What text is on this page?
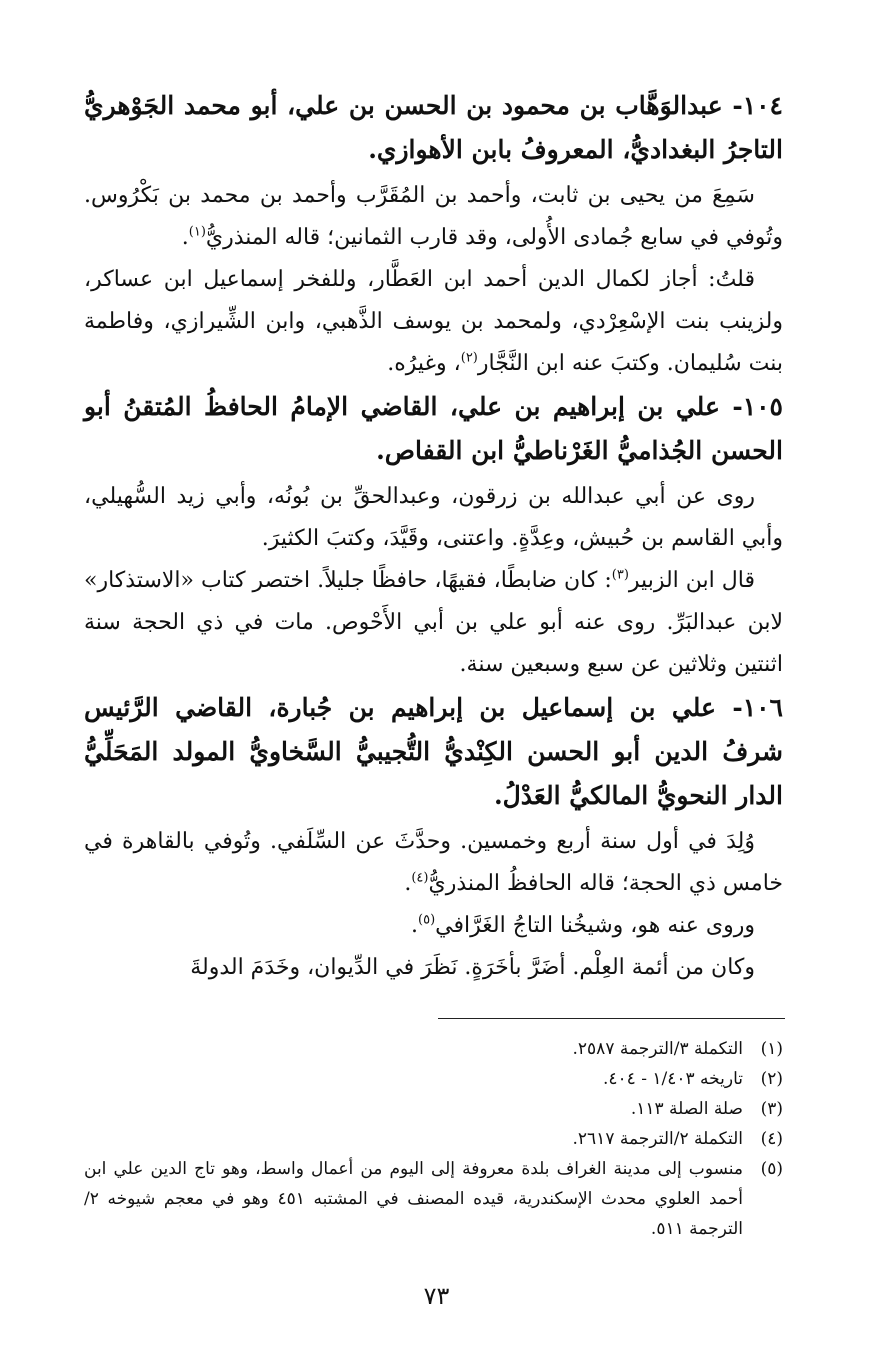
١٠٤- عبدالوَهَّاب بن محمود بن الحسن بن علي، أبو محمد الجَوْهريُّ التاجرُ البغداديُّ، المعروفُ بابن الأهوازي.

سَمِعَ من يحيى بن ثابت، وأحمد بن المُقَرَّب وأحمد بن محمد بن بَكْرُوس. وتُوفي في سابع جُمادى الأُولى، وقد قارب الثمانين؛ قاله المنذريُّ$^{(١)}$.

قلتُ: أجاز لكمال الدين أحمد ابن العَطَّار، وللفخر إسماعيل ابن عساكر، ولزينب بنت الإسْعِرْدي، ولمحمد بن يوسف الذَّهبي، وابن الشِّيرازي، وفاطمة بنت سُليمان. وكتبَ عنه ابن النَّجَّار$^{(٢)}$، وغيرُه.

١٠٥- علي بن إبراهيم بن علي، القاضي الإمامُ الحافظُ المُتقنُ أبو الحسن الجُذاميُّ الغَرْناطيُّ ابن القفاص.

روى عن أبي عبدالله بن زرقون، وعبدالحقِّ بن بُونُه، وأبي زيد السُّهيلي، وأبي القاسم بن حُبيش، وعِدَّةٍ. واعتنى، وقَيَّدَ، وكتبَ الكثيرَ.

قال ابن الزبير$^{(٣)}$: كان ضابطًا، فقيهًا، حافظًا جليلاً. اختصر كتاب «الاستذكار» لابن عبدالبَرِّ. روى عنه أبو علي بن أبي الأَحْوص. مات في ذي الحجة سنة اثنتين وثلاثين عن سبع وسبعين سنة.

١٠٦- علي بن إسماعيل بن إبراهيم بن جُبارة، القاضي الرَّئيس شرفُ الدين أبو الحسن الكِنْديُّ التُّجيبيُّ السَّخاويُّ المولد المَحَلِّيُّ الدار النحويُّ المالكيُّ العَدْلُ.

وُلِدَ في أول سنة أربع وخمسين. وحدَّثَ عن السِّلَفي. وتُوفي بالقاهرة في خامس ذي الحجة؛ قاله الحافظُ المنذريُّ$^{(٤)}$.

وروى عنه هو، وشيخُنا التاجُ الغَرَّافي$^{(٥)}$.

وكان من أئمة العِلْم. أضَرَّ بأخَرَةٍ. نَظَرَ في الدِّيوان، وخَدَمَ الدولةَ

(١)
التكملة ٣/الترجمة ٢٥٨٧.
(٢)
تاريخه ١/٤٠٣ - ٤٠٤.
(٣)
صلة الصلة ١١٣.
(٤)
التكملة ٢/الترجمة ٢٦١٧.
(٥)
منسوب إلى مدينة الغراف بلدة معروفة إلى اليوم من أعمال واسط، وهو تاج الدين علي ابن أحمد العلوي محدث الإسكندرية، قيده المصنف في المشتبه ٤٥١ وهو في معجم شيوخه ٢/الترجمة ٥١١.
٧٣
